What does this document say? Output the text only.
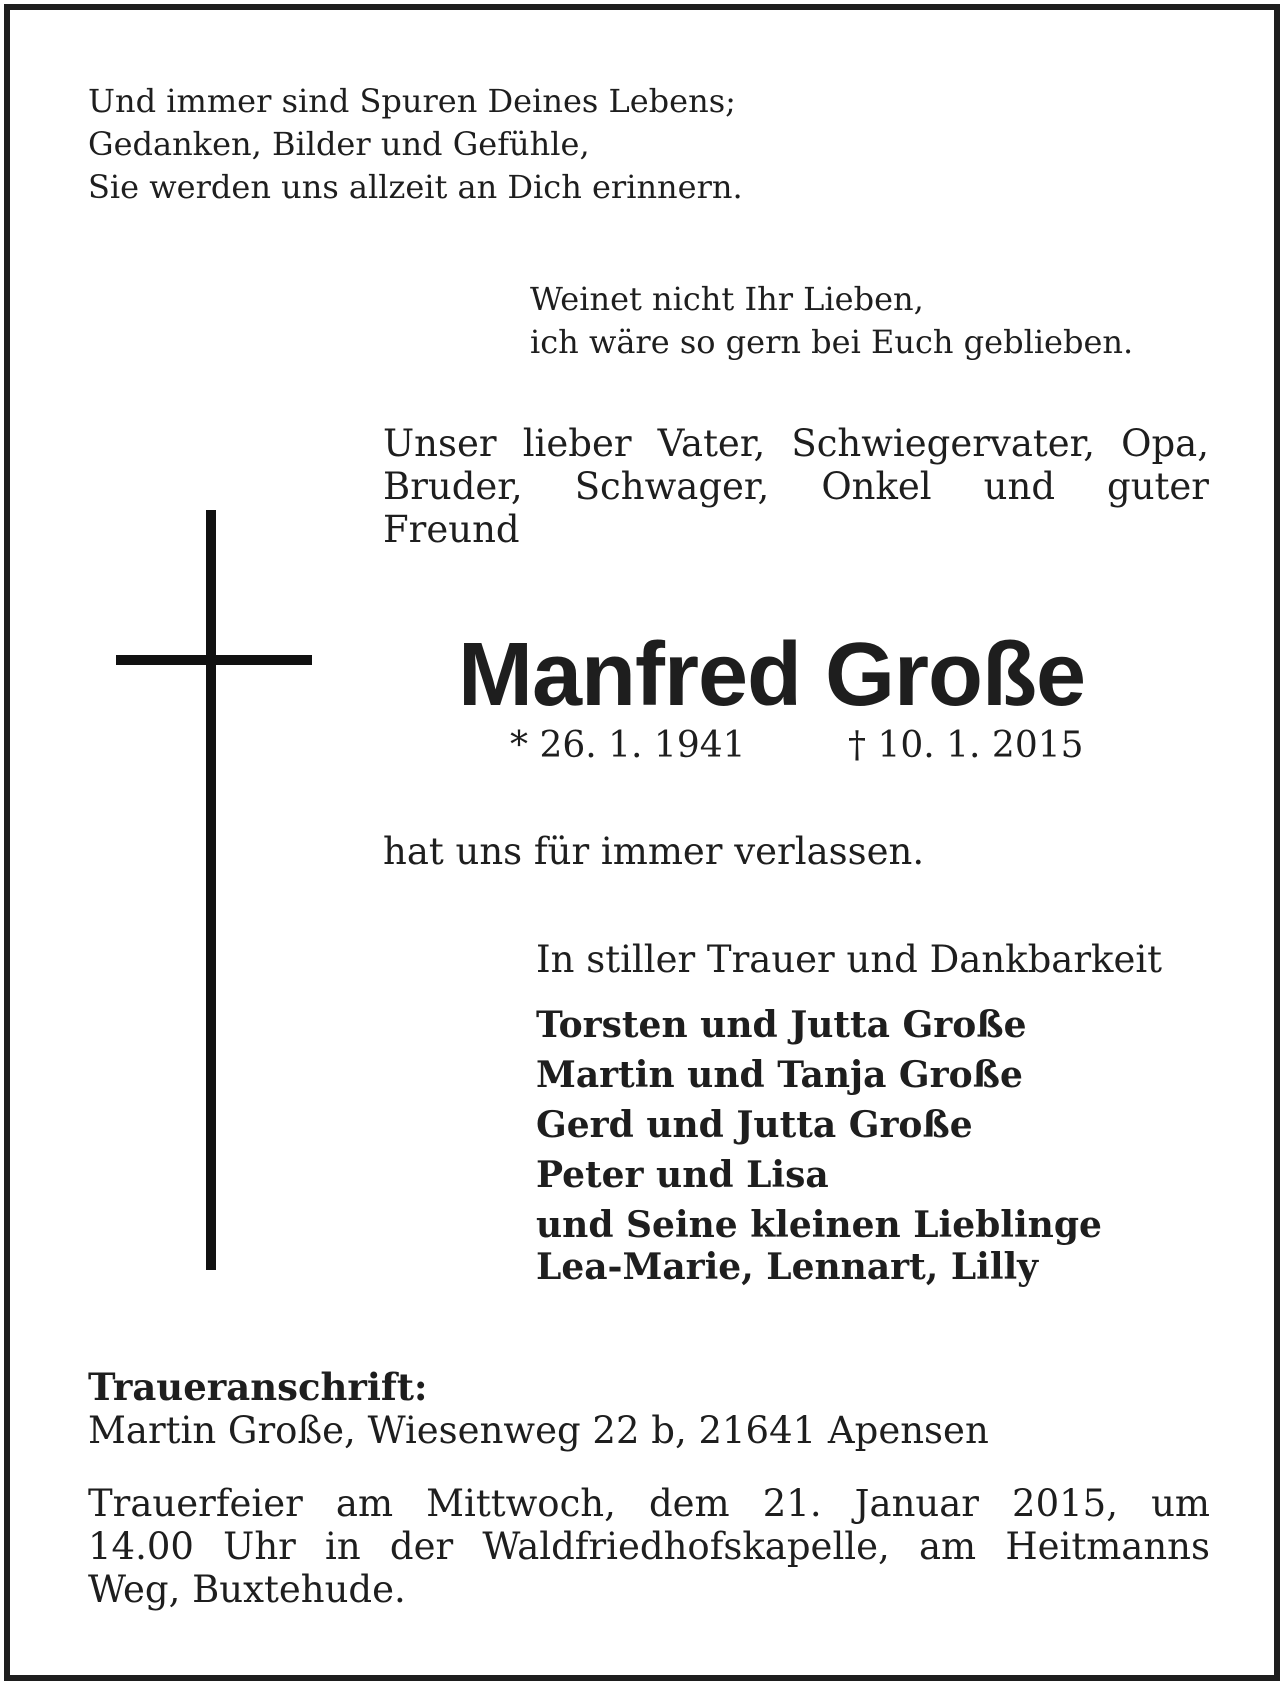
Und immer sind Spuren Deines Lebens;
Gedanken, Bilder und Gefühle,
Sie werden uns allzeit an Dich erinnern.
Weinet nicht Ihr Lieben,
ich wäre so gern bei Euch geblieben.
Unser lieber Vater, Schwiegervater, Opa,
Bruder, Schwager, Onkel und guter
Freund
Manfred Große
* 26. 1. 1941	† 10. 1. 2015
hat uns für immer verlassen.
In stiller Trauer und Dankbarkeit
Torsten und Jutta Große
Martin und Tanja Große
Gerd und Jutta Große
Peter und Lisa
und Seine kleinen Lieblinge
Lea-Marie, Lennart, Lilly
Traueranschrift:
Martin Große, Wiesenweg 22 b, 21641 Apensen
Trauerfeier am Mittwoch, dem 21. Januar 2015, um
14.00 Uhr in der Waldfriedhofskapelle, am Heitmanns
Weg, Buxtehude.
